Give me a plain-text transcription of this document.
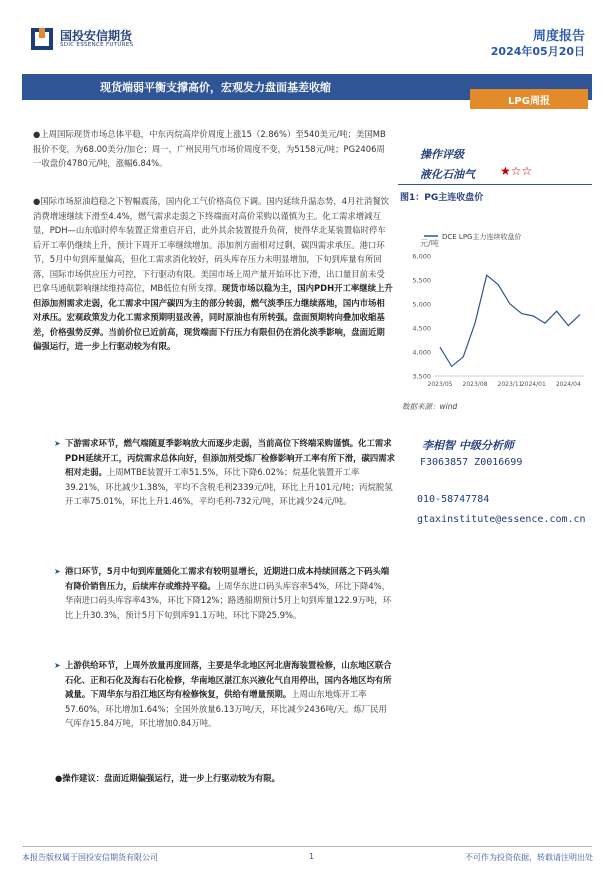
国投安信期货
SDIC ESSENCE FUTURES
周度报告
2024年05月20日
现货端弱平衡支撑高价，宏观发力盘面基差收缩
LPG周报
●上周国际现货市场总体平稳，中东丙烷高岸价周度上涨15（2.86%）至540美元/吨；美国MB报价不变，为68.00美分/加仑；周一，广州民用气市场价周度不变，为5158元/吨；PG2406周一收盘价4780元/吨，涨幅6.84%。
●国际市场原油趋稳之下智幅震荡，国内化工气价格高位下调。国内延续升温态势，4月社消餐饮消费增速继续下滑至4.4%，燃气需求走弱之下终端面对高价采购以谨慎为主。化工需求增减互显，PDH—山东临时停车装置正常重启开启，此外其余装置提升负荷，使得华北某装置临时停车后开工率仍继续上升，预计下周开工率继续增加。添加剂方面相对过剩，碳四需求承压。港口环节，5月中旬到库量偏高，但化工需求消化较好，码头库存压力未明显增加，下旬到库量有所回落，国际市场供应压力可控，下行驱动有限。美国市场上周产量开始环比下滑，出口量目前未受巴拿马通航影响继续维持高位，MB低位有所支撑。现货市场以稳为主，国内PDH开工率继续上升但添加剂需求走弱，化工需求中国产碳四为主的部分转弱，燃气淡季压力继续落地，国内市场相对承压。宏观政策发力化工需求预期明显改善，同时原油也有所转强。盘面预期转向叠加收缩基差，价格强势反弹。当前价位已近前高，现货端面下行压力有限但仍在消化淡季影响，盘面近期偏强运行，进一步上行驱动较为有限。
➤ 下游需求环节，燃气端随夏季影响放大而逐步走弱，当前高位下终端采购谨慎。化工需求PDH延续开工，丙烷需求总体向好，但添加剂受炼厂检修影响开工率有所下滑，碳四需求相对走弱。上周MTBE装置开工率51.5%，环比下降6.02%；烷基化装置开工率39.21%，环比减少1.38%，平均不含税毛利2339元/吨，环比上升101元/吨；丙烷脱氢开工率75.01%，环比上升1.46%，平均毛利-732元/吨，环比减少24元/吨。
➤ 港口环节，5月中旬到库量随化工需求有较明显增长，近期进口成本持续回落之下码头端有降价销售压力，后续库存或维持平稳。上周华东进口码头库容率54%，环比下降4%，华南进口码头库容率43%，环比下降12%；路透船期预计5月上旬到库量122.9万吨，环比上升30.3%，预计5月下旬到库91.1万吨，环比下降25.9%。
➤ 上游供给环节，上周外放量再度回落，主要是华北地区河北唐海装置检修，山东地区联合石化、正和石化及海右石化检修，华南地区湛江东兴液化气自用停出，国内各地区均有所减量。下周华东与沿江地区均有检修恢复，供给有增量预期。上周山东地炼开工率57.60%，环比增加1.64%；全国外放量6.13万吨/天，环比减少2436吨/天。炼厂民用气库存15.84万吨，环比增加0.84万吨。
●操作建议：盘面近期偏强运行，进一步上行驱动较为有限。
操作评级
液化石油气 ★☆☆
图1：PG主连收盘价
元/吨
DCE LPG主力连续收盘价
3,500
4,000
4,500
5,000
5,500
6,000
2023/05 2023/08 2023/11
2024/01 2024/04
数据来源：wind
李相智 中级分析师
F3063857 Z0016699
010-58747784
gtaxinstitute@essence.com.cn
本报告版权属于国投安信期货有限公司	1	不可作为投资依据，转载请注明出处
